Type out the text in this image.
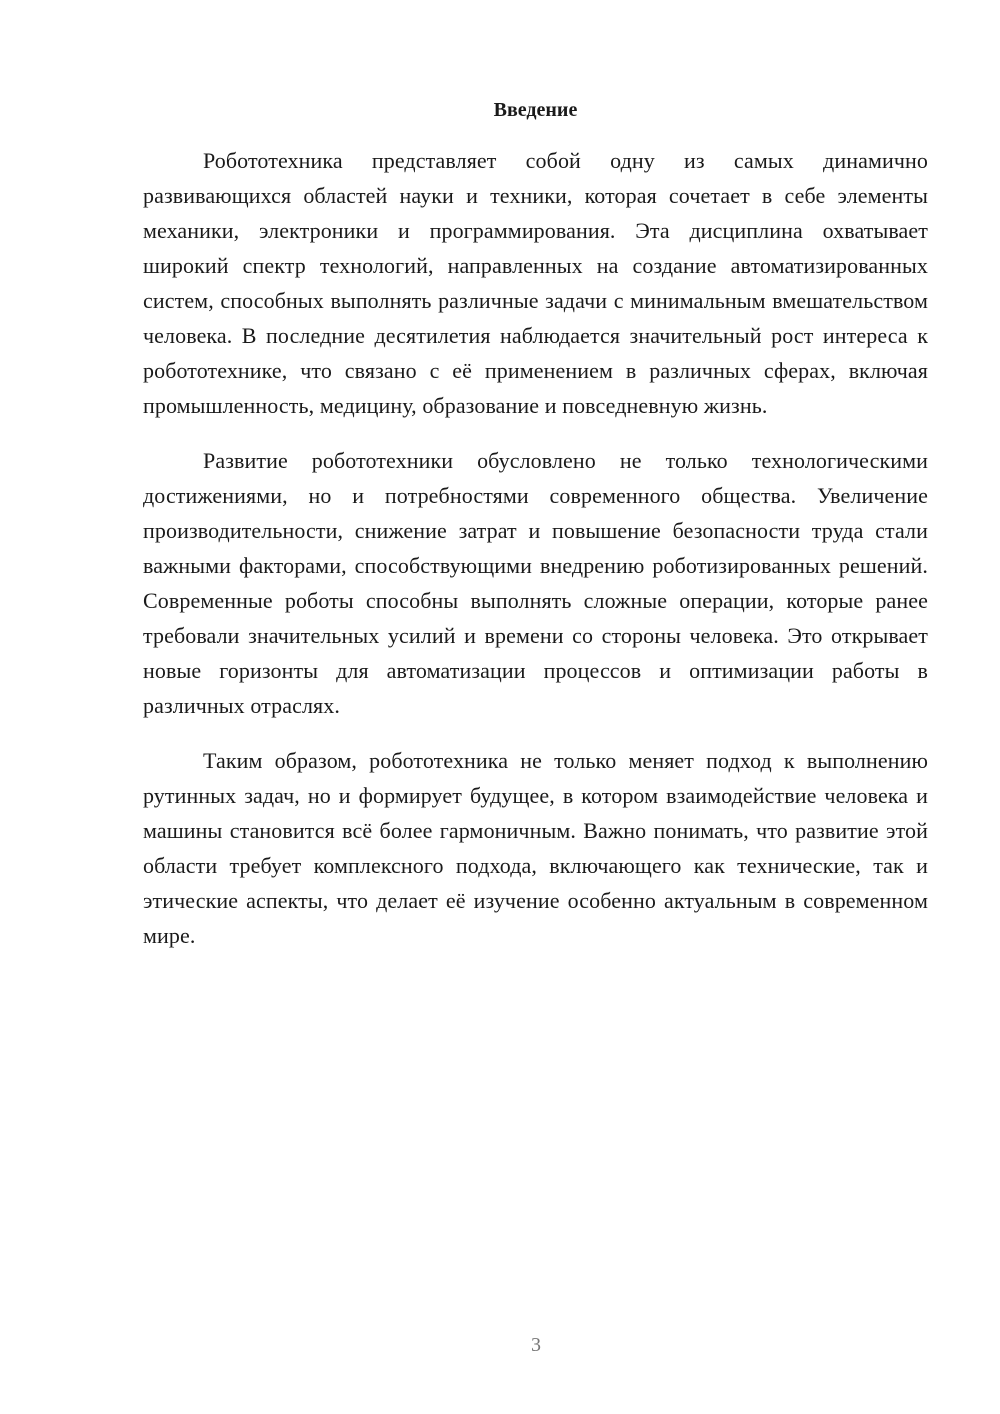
Введение

Робототехника представляет собой одну из самых динамично развивающихся областей науки и техники, которая сочетает в себе элементы механики, электроники и программирования. Эта дисциплина охватывает широкий спектр технологий, направленных на создание автоматизированных систем, способных выполнять различные задачи с минимальным вмешательством человека. В последние десятилетия наблюдается значительный рост интереса к робототехнике, что связано с её применением в различных сферах, включая промышленность, медицину, образование и повседневную жизнь.

Развитие робототехники обусловлено не только технологическими достижениями, но и потребностями современного общества. Увеличение производительности, снижение затрат и повышение безопасности труда стали важными факторами, способствующими внедрению роботизированных решений. Современные роботы способны выполнять сложные операции, которые ранее требовали значительных усилий и времени со стороны человека. Это открывает новые горизонты для автоматизации процессов и оптимизации работы в различных отраслях.

Таким образом, робототехника не только меняет подход к выполнению рутинных задач, но и формирует будущее, в котором взаимодействие человека и машины становится всё более гармоничным. Важно понимать, что развитие этой области требует комплексного подхода, включающего как технические, так и этические аспекты, что делает её изучение особенно актуальным в современном мире.

3
